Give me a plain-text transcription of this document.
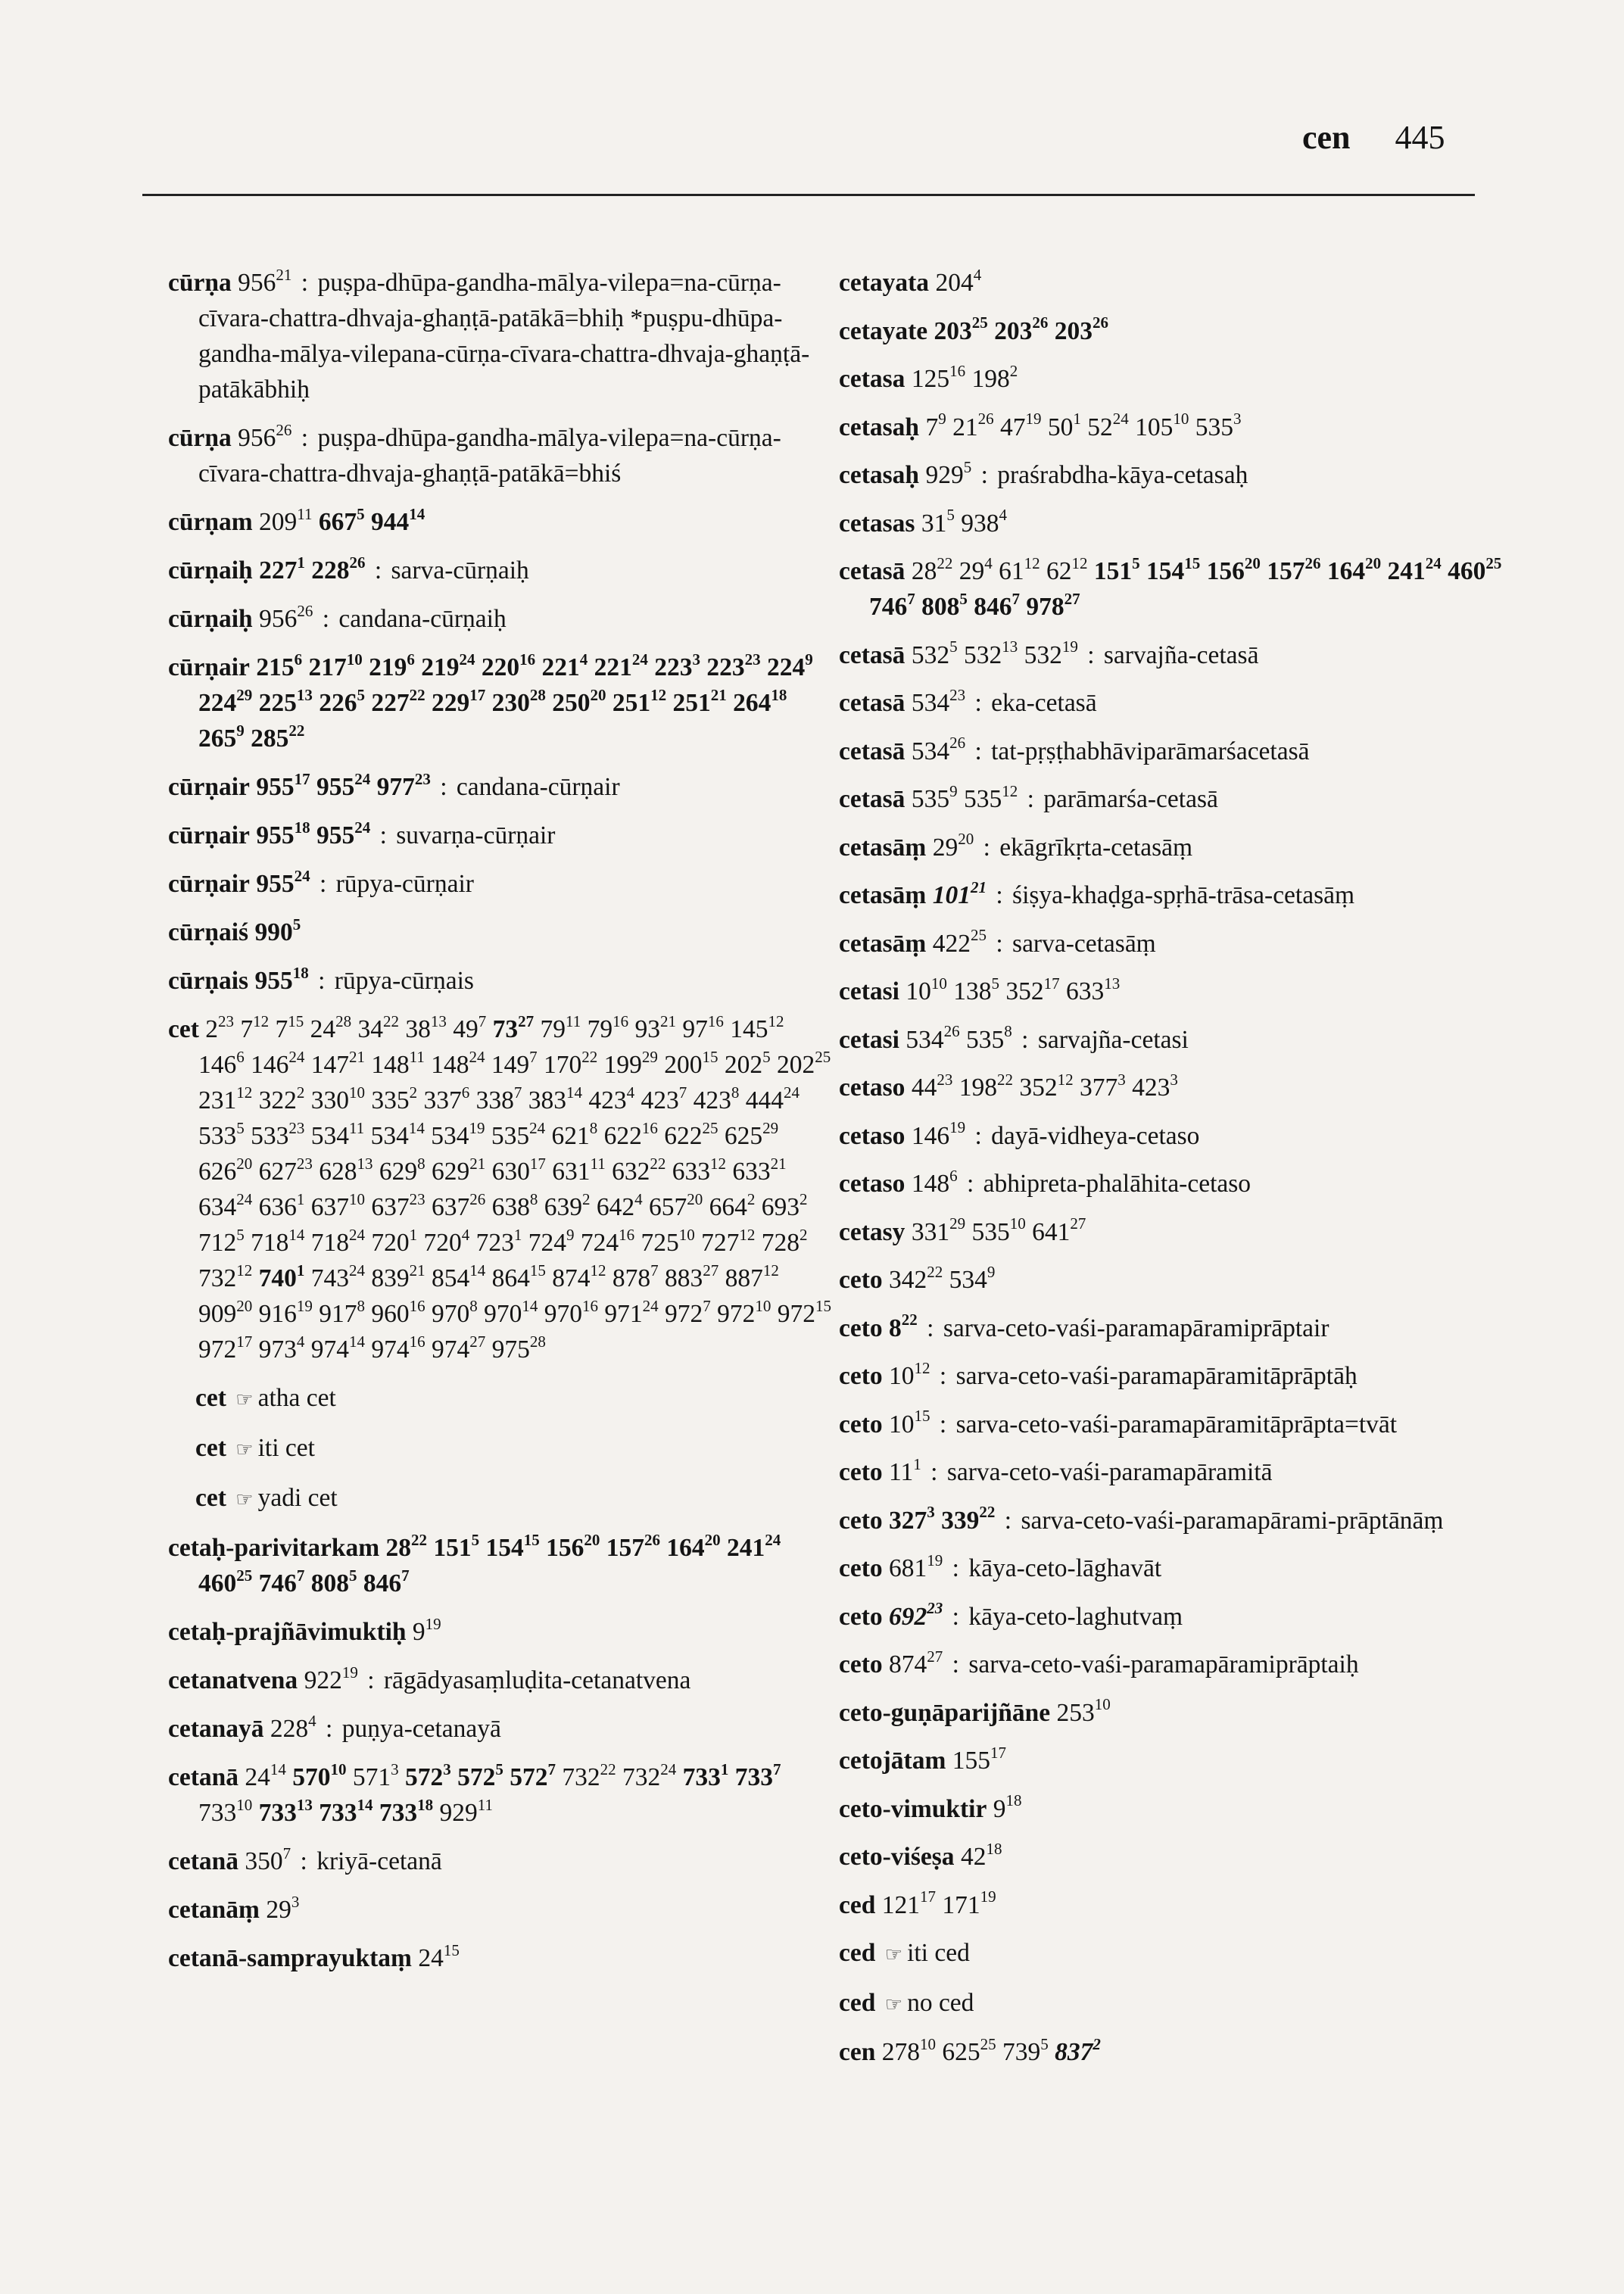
cen 445
cūrṇa $956^{21}$ : puṣpa-dhūpa-gandha-mālya-vilepa=na-cūrṇa-cīvara-chattra-dhvaja-ghaṇṭā-patākā=bhiḥ *puṣpu-dhūpa-gandha-mālya-vilepana-cūrṇa-cīvara-chattra-dhvaja-ghaṇṭā-patākābhiḥ
cūrṇa $956^{26}$ : puṣpa-dhūpa-gandha-mālya-vilepa=na-cūrṇa-cīvara-chattra-dhvaja-ghaṇṭā-patākā=bhiś
cūrṇam $209^{11}$ $667^5$ $944^{14}$
cūrṇaiḥ $227^1$ $228^{26}$ : sarva-cūrṇaiḥ
cūrṇaiḥ $956^{26}$ : candana-cūrṇaiḥ
cūrṇair $215^6$ $217^{10}$ $219^6$ $219^{24}$ $220^{16}$ $221^4$ $221^{24}$ $223^3$ $223^{23}$ $224^9$ $224^{29}$ $225^{13}$ $226^5$ $227^{22}$ $229^{17}$ $230^{28}$ $250^{20}$ $251^{12}$ $251^{21}$ $264^{18}$ $265^9$ $285^{22}$
cūrṇair $955^{17}$ $955^{24}$ $977^{23}$ : candana-cūrṇair
cūrṇair $955^{18}$ $955^{24}$ : suvarṇa-cūrṇair
cūrṇair $955^{24}$ : rūpya-cūrṇair
cūrṇaiś $990^5$
cūrṇais $955^{18}$ : rūpya-cūrṇais
cet $2^{23}$ $7^{12}$ $7^{15}$ $24^{28}$ $34^{22}$ $38^{13}$ $49^7$ $73^{27}$ $79^{11}$ $79^{16}$ $93^{21}$ $97^{16}$ $145^{12}$ $146^6$ $146^{24}$ $147^{21}$ $148^{11}$ $148^{24}$ $149^7$ $170^{22}$ $199^{29}$ $200^{15}$ $202^5$ $202^{25}$ $231^{12}$ $322^2$ $330^{10}$ $335^2$ $337^6$ $338^7$ $383^{14}$ $423^4$ $423^7$ $423^8$ $444^{24}$ $533^5$ $533^{23}$ $534^{11}$ $534^{14}$ $534^{19}$ $535^{24}$ $621^8$ $622^{16}$ $622^{25}$ $625^{29}$ $626^{20}$ $627^{23}$ $628^{13}$ $629^8$ $629^{21}$ $630^{17}$ $631^{11}$ $632^{22}$ $633^{12}$ $633^{21}$ $634^{24}$ $636^1$ $637^{10}$ $637^{23}$ $637^{26}$ $638^8$ $639^2$ $642^4$ $657^{20}$ $664^2$ $693^2$ $712^5$ $718^{14}$ $718^{24}$ $720^1$ $720^4$ $723^1$ $724^9$ $724^{16}$ $725^{10}$ $727^{12}$ $728^2$ $732^{12}$ $740^1$ $743^{24}$ $839^{21}$ $854^{14}$ $864^{15}$ $874^{12}$ $878^7$ $883^{27}$ $887^{12}$ $909^{20}$ $916^{19}$ $917^8$ $960^{16}$ $970^8$ $970^{14}$ $970^{16}$ $971^{24}$ $972^7$ $972^{10}$ $972^{15}$ $972^{17}$ $973^4$ $974^{14}$ $974^{16}$ $974^{27}$ $975^{28}$
cet ☞ atha cet
cet ☞ iti cet
cet ☞ yadi cet
cetaḥ-parivitarkam $28^{22}$ $151^5$ $154^{15}$ $156^{20}$ $157^{26}$ $164^{20}$ $241^{24}$ $460^{25}$ $746^7$ $808^5$ $846^7$
cetaḥ-prajñāvimuktiḥ $9^{19}$
cetanatvena $922^{19}$ : rāgādyasaṃluḍita-cetanatvena
cetanayā $228^4$ : puṇya-cetanayā
cetanā $24^{14}$ $570^{10}$ $571^3$ $572^3$ $572^5$ $572^7$ $732^{22}$ $732^{24}$ $733^1$ $733^7$ $733^{10}$ $733^{13}$ $733^{14}$ $733^{18}$ $929^{11}$
cetanā $350^7$ : kriyā-cetanā
cetanāṃ $29^3$
cetanā-samprayuktaṃ $24^{15}$
cetayata $204^4$
cetayate $203^{25}$ $203^{26}$ $203^{26}$
cetasa $125^{16}$ $198^2$
cetasaḥ $7^9$ $21^{26}$ $47^{19}$ $50^1$ $52^{24}$ $105^{10}$ $535^3$
cetasaḥ $929^5$ : praśrabdha-kāya-cetasaḥ
cetasas $31^5$ $938^4$
cetasā $28^{22}$ $29^4$ $61^{12}$ $62^{12}$ $151^5$ $154^{15}$ $156^{20}$ $157^{26}$ $164^{20}$ $241^{24}$ $460^{25}$ $746^7$ $808^5$ $846^7$ $978^{27}$
cetasā $532^5$ $532^{13}$ $532^{19}$ : sarvajña-cetasā
cetasā $534^{23}$ : eka-cetasā
cetasā $534^{26}$ : tat-pṛṣṭhabhāviparāmarśacetasā
cetasā $535^9$ $535^{12}$ : parāmarśa-cetasā
cetasāṃ $29^{20}$ : ekāgrīkṛta-cetasāṃ
cetasāṃ $101^{21}$ : śiṣya-khaḍga-spṛhā-trāsa-cetasāṃ
cetasāṃ $422^{25}$ : sarva-cetasāṃ
cetasi $10^{10}$ $138^5$ $352^{17}$ $633^{13}$
cetasi $534^{26}$ $535^8$ : sarvajña-cetasi
cetaso $44^{23}$ $198^{22}$ $352^{12}$ $377^3$ $423^3$
cetaso $146^{19}$ : dayā-vidheya-cetaso
cetaso $148^6$ : abhipreta-phalāhita-cetaso
cetasy $331^{29}$ $535^{10}$ $641^{27}$
ceto $342^{22}$ $534^9$
ceto $8^{22}$ : sarva-ceto-vaśi-paramapāramiprāptair
ceto $10^{12}$ : sarva-ceto-vaśi-paramapāramitāprāptāḥ
ceto $10^{15}$ : sarva-ceto-vaśi-paramapāramitāprāpta=tvāt
ceto $11^1$ : sarva-ceto-vaśi-paramapāramitā
ceto $327^3$ $339^{22}$ : sarva-ceto-vaśi-paramapārami-prāptānāṃ
ceto $681^{19}$ : kāya-ceto-lāghavāt
ceto $692^{23}$ : kāya-ceto-laghutvaṃ
ceto $874^{27}$ : sarva-ceto-vaśi-paramapāramiprāptaiḥ
ceto-guṇāparijñāne $253^{10}$
cetojātam $155^{17}$
ceto-vimuktir $9^{18}$
ceto-viśeṣa $42^{18}$
ced $121^{17}$ $171^{19}$
ced ☞ iti ced
ced ☞ no ced
cen $278^{10}$ $625^{25}$ $739^5$ $837^2$
